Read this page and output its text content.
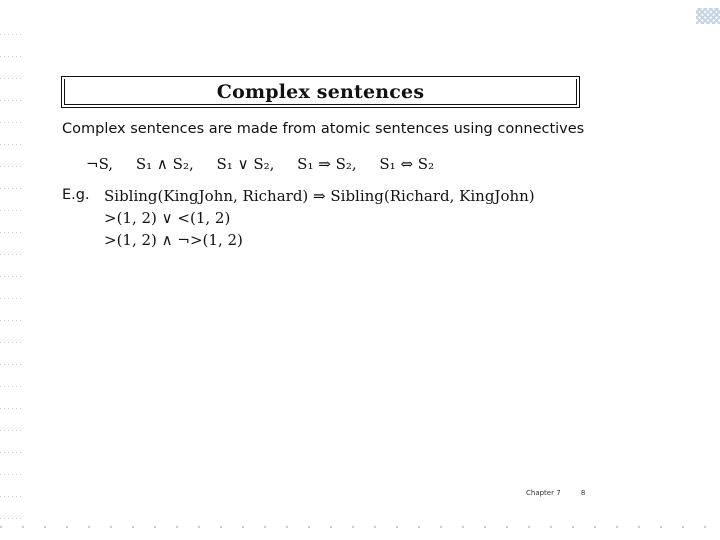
Complex sentences
Complex sentences are made from atomic sentences using connectives
¬S, S₁ ∧ S₂, S₁ ∨ S₂, S₁ ⇒ S₂, S₁ ⇔ S₂
E.g. Sibling(KingJohn, Richard) ⇒ Sibling(Richard, KingJohn)
>(1, 2) ∨ <(1, 2)
>(1, 2) ∧ ¬>(1, 2)
Chapter 7	8
